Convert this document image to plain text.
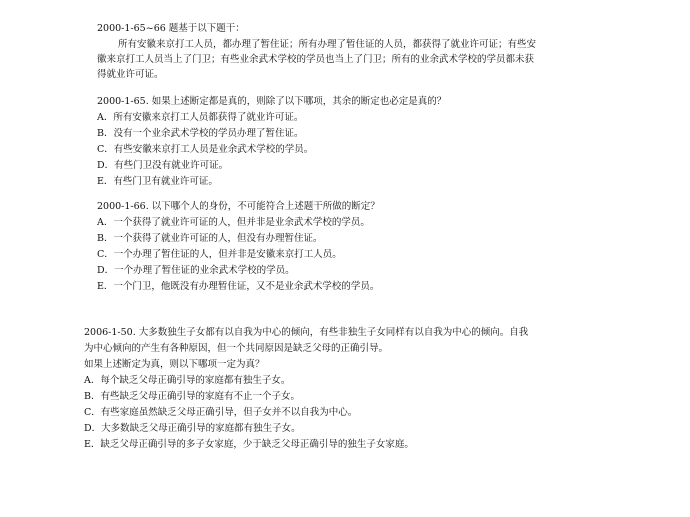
2000-1-65~66 题基于以下题干：
所有安徽来京打工人员，都办理了暂住证；所有办理了暂住证的人员，都获得了就业许可证；有些安
徽来京打工人员当上了门卫；有些业余武术学校的学员也当上了门卫；所有的业余武术学校的学员都未获
得就业许可证。
2000-1-65. 如果上述断定都是真的，则除了以下哪项，其余的断定也必定是真的？
A．所有安徽来京打工人员都获得了就业许可证。
B．没有一个业余武术学校的学员办理了暂住证。
C．有些安徽来京打工人员是业余武术学校的学员。
D．有些门卫没有就业许可证。
E．有些门卫有就业许可证。
2000-1-66. 以下哪个人的身份，不可能符合上述题干所做的断定？
A．一个获得了就业许可证的人，但并非是业余武术学校的学员。
B．一个获得了就业许可证的人，但没有办理暂住证。
C．一个办理了暂住证的人，但并非是安徽来京打工人员。
D．一个办理了暂住证的业余武术学校的学员。
E．一个门卫，他既没有办理暂住证，又不是业余武术学校的学员。
2006-1-50. 大多数独生子女都有以自我为中心的倾向，有些非独生子女同样有以自我为中心的倾向。自我
为中心倾向的产生有各种原因，但一个共同原因是缺乏父母的正确引导。
如果上述断定为真，则以下哪项一定为真？
A．每个缺乏父母正确引导的家庭都有独生子女。
B．有些缺乏父母正确引导的家庭有不止一个子女。
C．有些家庭虽然缺乏父母正确引导，但子女并不以自我为中心。
D．大多数缺乏父母正确引导的家庭都有独生子女。
E．缺乏父母正确引导的多子女家庭，少于缺乏父母正确引导的独生子女家庭。
